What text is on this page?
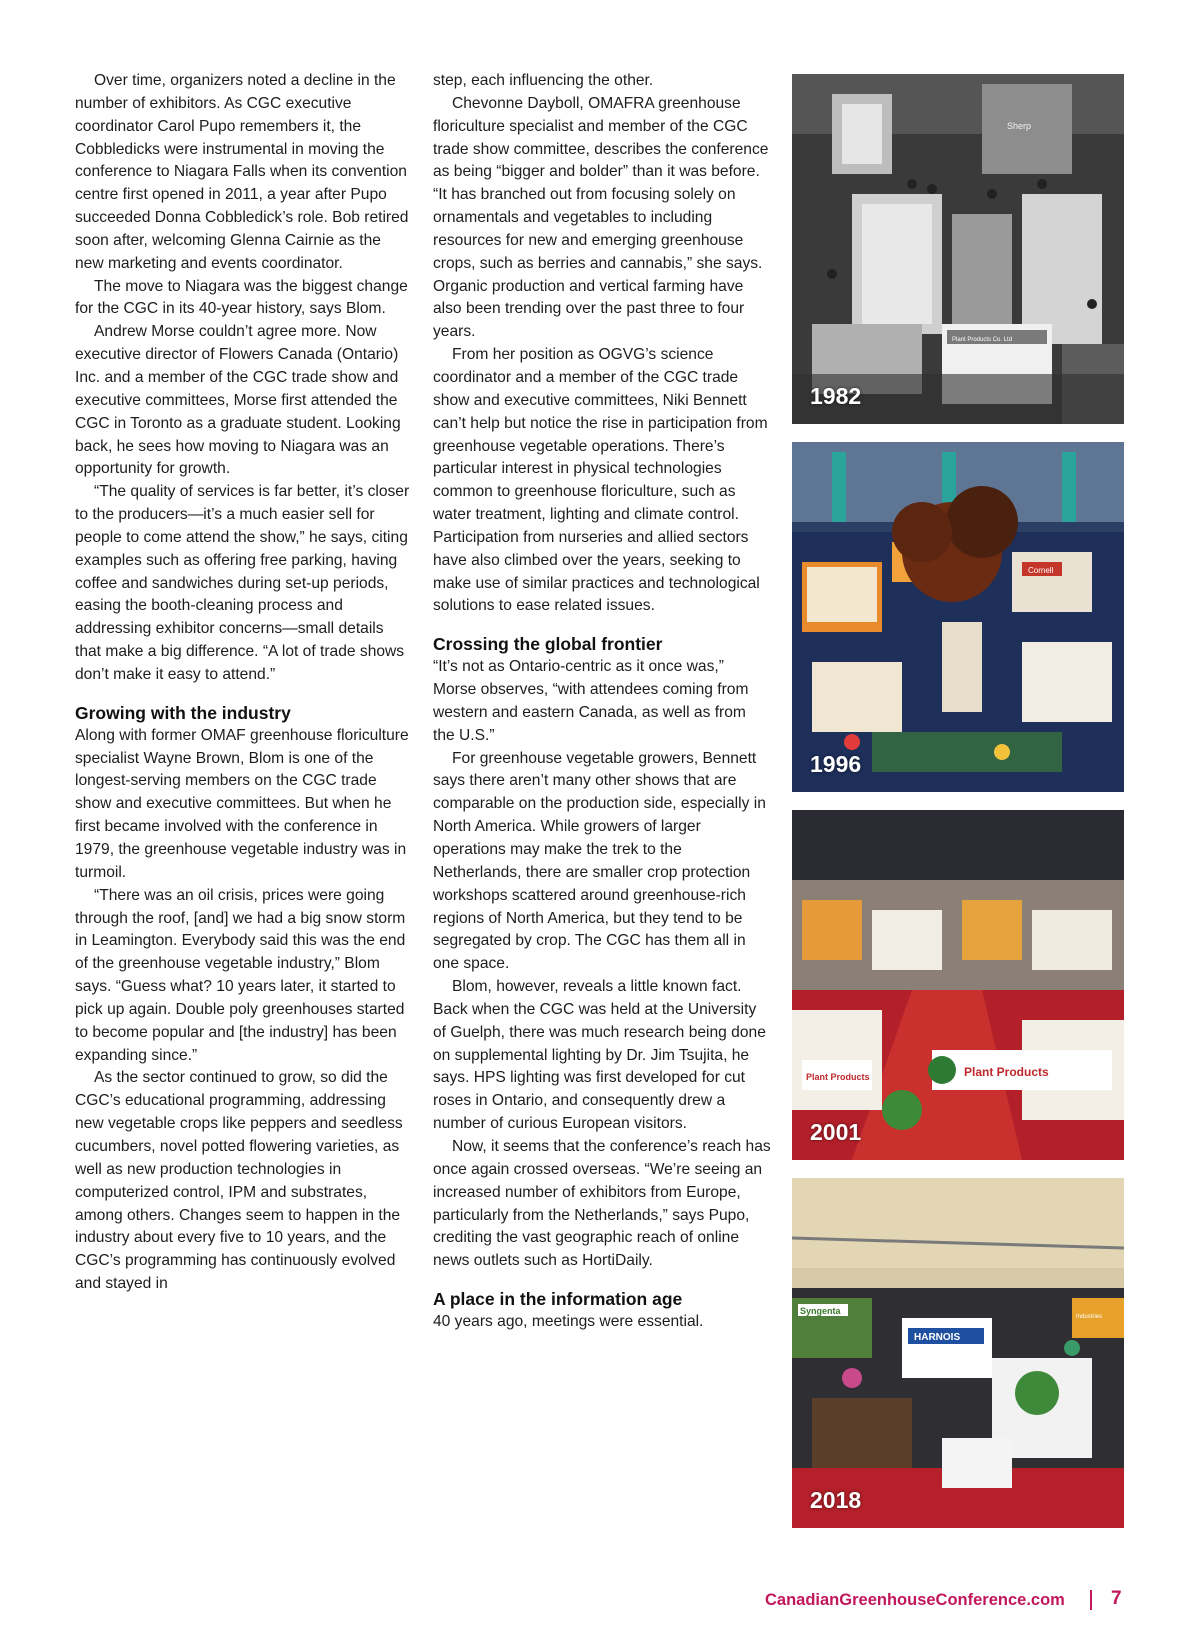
Over time, organizers noted a decline in the number of exhibitors. As CGC executive coordinator Carol Pupo remembers it, the Cobbledicks were instrumental in moving the conference to Niagara Falls when its convention centre first opened in 2011, a year after Pupo succeeded Donna Cobbledick’s role. Bob retired soon after, welcoming Glenna Cairnie as the new marketing and events coordinator.

The move to Niagara was the biggest change for the CGC in its 40-year history, says Blom.

Andrew Morse couldn’t agree more. Now executive director of Flowers Canada (Ontario) Inc. and a member of the CGC trade show and executive committees, Morse first attended the CGC in Toronto as a graduate student. Looking back, he sees how moving to Niagara was an opportunity for growth.

“The quality of services is far better, it’s closer to the producers—it’s a much easier sell for people to come attend the show,” he says, citing examples such as offering free parking, having coffee and sandwiches during set-up periods, easing the booth-cleaning process and addressing exhibitor concerns—small details that make a big difference. “A lot of trade shows don’t make it easy to attend.”

Growing with the industry

Along with former OMAF greenhouse floriculture specialist Wayne Brown, Blom is one of the longest-serving members on the CGC trade show and executive committees. But when he first became involved with the conference in 1979, the greenhouse vegetable industry was in turmoil.

“There was an oil crisis, prices were going through the roof, [and] we had a big snow storm in Leamington. Everybody said this was the end of the greenhouse vegetable industry,” Blom says. “Guess what? 10 years later, it started to pick up again. Double poly greenhouses started to become popular and [the industry] has been expanding since.”

As the sector continued to grow, so did the CGC’s educational programming, addressing new vegetable crops like peppers and seedless cucumbers, novel potted flowering varieties, as well as new production technologies in computerized control, IPM and substrates, among others. Changes seem to happen in the industry about every five to 10 years, and the CGC’s programming has continuously evolved and stayed in

step, each influencing the other.

Chevonne Dayboll, OMAFRA greenhouse floriculture specialist and member of the CGC trade show committee, describes the conference as being “bigger and bolder” than it was before. “It has branched out from focusing solely on ornamentals and vegetables to including resources for new and emerging greenhouse crops, such as berries and cannabis,” she says. Organic production and vertical farming have also been trending over the past three to four years.

From her position as OGVG’s science coordinator and a member of the CGC trade show and executive committees, Niki Bennett can’t help but notice the rise in participation from greenhouse vegetable operations. There’s particular interest in physical technologies common to greenhouse floriculture, such as water treatment, lighting and climate control. Participation from nurseries and allied sectors have also climbed over the years, seeking to make use of similar practices and technological solutions to ease related issues.

Crossing the global frontier

“It’s not as Ontario-centric as it once was,” Morse observes, “with attendees coming from western and eastern Canada, as well as from the U.S.”

For greenhouse vegetable growers, Bennett says there aren’t many other shows that are comparable on the production side, especially in North America. While growers of larger operations may make the trek to the Netherlands, there are smaller crop protection workshops scattered around greenhouse-rich regions of North America, but they tend to be segregated by crop. The CGC has them all in one space.

Blom, however, reveals a little known fact. Back when the CGC was held at the University of Guelph, there was much research being done on supplemental lighting by Dr. Jim Tsujita, he says. HPS lighting was first developed for cut roses in Ontario, and consequently drew a number of curious European visitors.

Now, it seems that the conference’s reach has once again crossed overseas. “We’re seeing an increased number of exhibitors from Europe, particularly from the Netherlands,” says Pupo, crediting the vast geographic reach of online news outlets such as HortiDaily.

A place in the information age

40 years ago, meetings were essential.

Sherp
Plant Products Co. Ltd
1982
Cornell
1996
Plant Products
Plant Products
2001
Syngenta
HARNOIS
Industries
2018
CanadianGreenhouseConference.com 7
